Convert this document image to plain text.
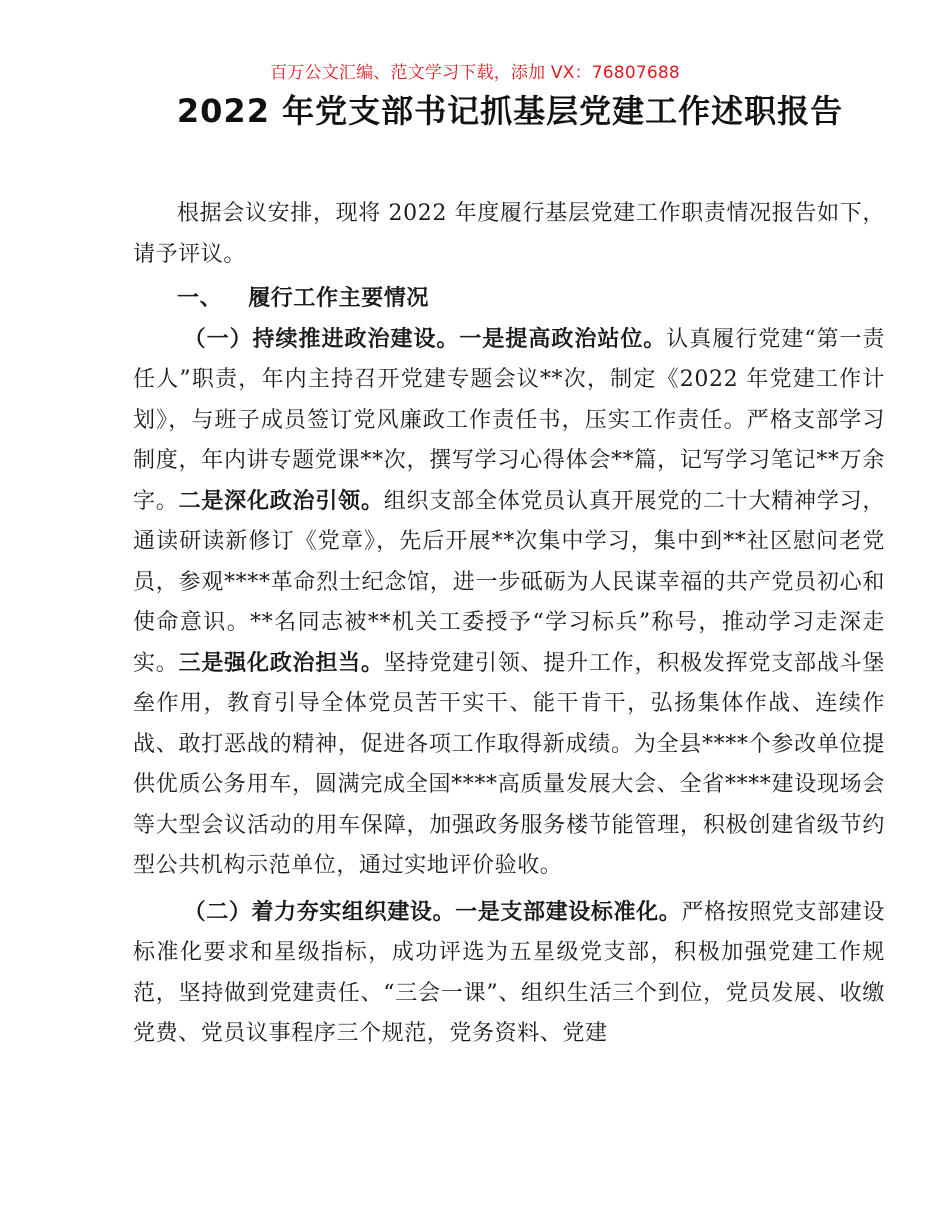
百万公文汇编、范文学习下载，添加 VX：76807688
2022 年党支部书记抓基层党建工作述职报告

根据会议安排，现将 2022 年度履行基层党建工作职责情况报告如下，请予评议。

一、 履行工作主要情况

（一）持续推进政治建设。一是提高政治站位。认真履行党建“第一责任人”职责，年内主持召开党建专题会议**次，制定《2022 年党建工作计划》，与班子成员签订党风廉政工作责任书，压实工作责任。严格支部学习制度，年内讲专题党课**次，撰写学习心得体会**篇，记写学习笔记**万余字。二是深化政治引领。组织支部全体党员认真开展党的二十大精神学习，通读研读新修订《党章》，先后开展**次集中学习，集中到**社区慰问老党员，参观****革命烈士纪念馆，进一步砥砺为人民谋幸福的共产党员初心和使命意识。**名同志被**机关工委授予“学习标兵”称号，推动学习走深走实。三是强化政治担当。坚持党建引领、提升工作，积极发挥党支部战斗堡垒作用，教育引导全体党员苦干实干、能干肯干，弘扬集体作战、连续作战、敢打恶战的精神，促进各项工作取得新成绩。为全县****个参改单位提供优质公务用车，圆满完成全国****高质量发展大会、全省****建设现场会等大型会议活动的用车保障，加强政务服务楼节能管理，积极创建省级节约型公共机构示范单位，通过实地评价验收。

（二）着力夯实组织建设。一是支部建设标准化。严格按照党支部建设标准化要求和星级指标，成功评选为五星级党支部，积极加强党建工作规范，坚持做到党建责任、“三会一课”、组织生活三个到位，党员发展、收缴党费、党员议事程序三个规范，党务资料、党建
